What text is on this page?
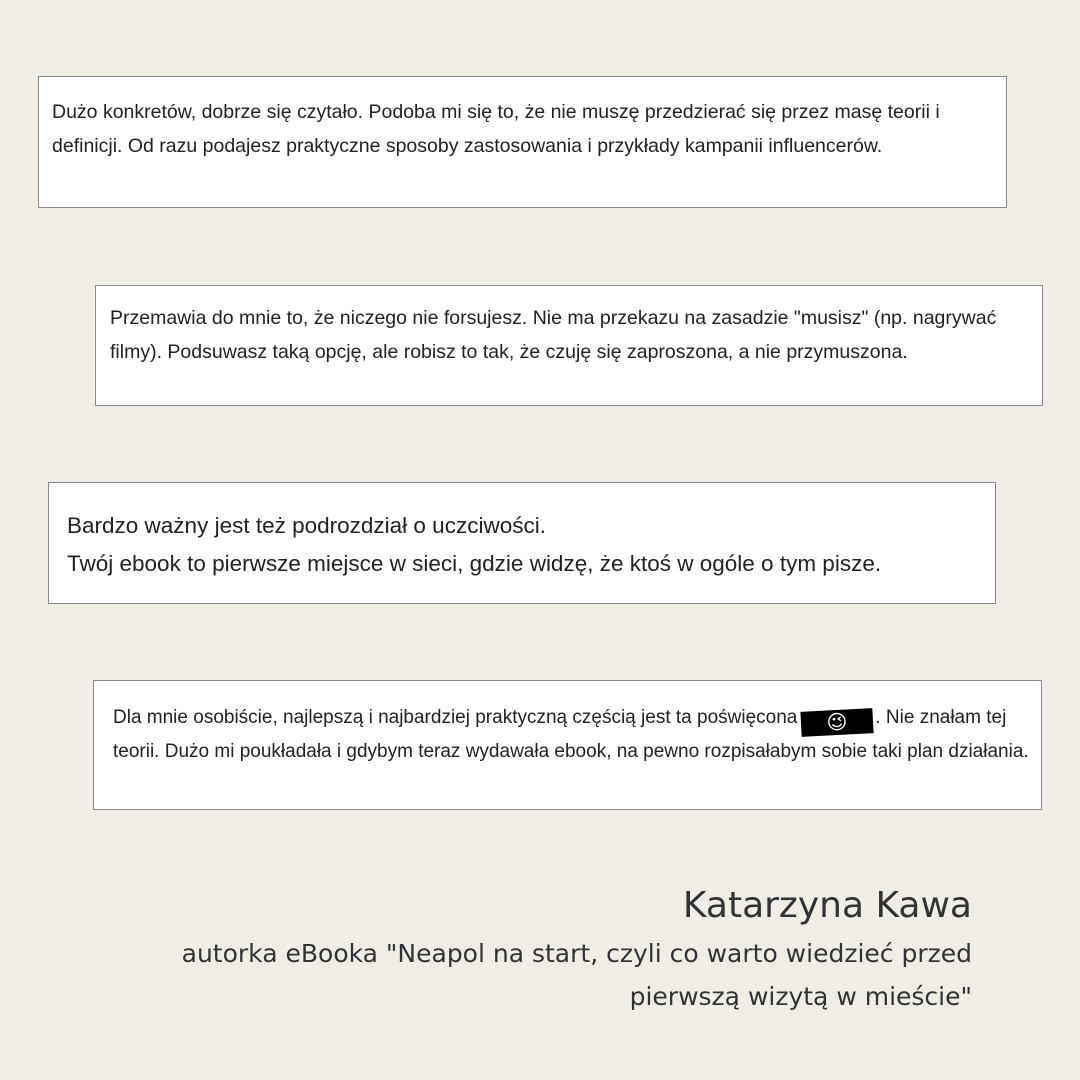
Dużo konkretów, dobrze się czytało. Podoba mi się to, że nie muszę przedzierać się przez masę teorii i definicji. Od razu podajesz praktyczne sposoby zastosowania i przykłady kampanii influencerów.

Przemawia do mnie to, że niczego nie forsujesz. Nie ma przekazu na zasadzie "musisz" (np. nagrywać filmy). Podsuwasz taką opcję, ale robisz to tak, że czuję się zaproszona, a nie przymuszona.

Bardzo ważny jest też podrozdział o uczciwości.

Twój ebook to pierwsze miejsce w sieci, gdzie widzę, że ktoś w ogóle o tym pisze.

Dla mnie osobiście, najlepszą i najbardziej praktyczną częścią jest ta poświęcona 😉 . Nie znałam tej teorii. Dużo mi poukładała i gdybym teraz wydawała ebook, na pewno rozpisałabym sobie taki plan działania.

Katarzyna Kawa

autorka eBooka "Neapol na start, czyli co warto wiedzieć przed
pierwszą wizytą w mieście"
